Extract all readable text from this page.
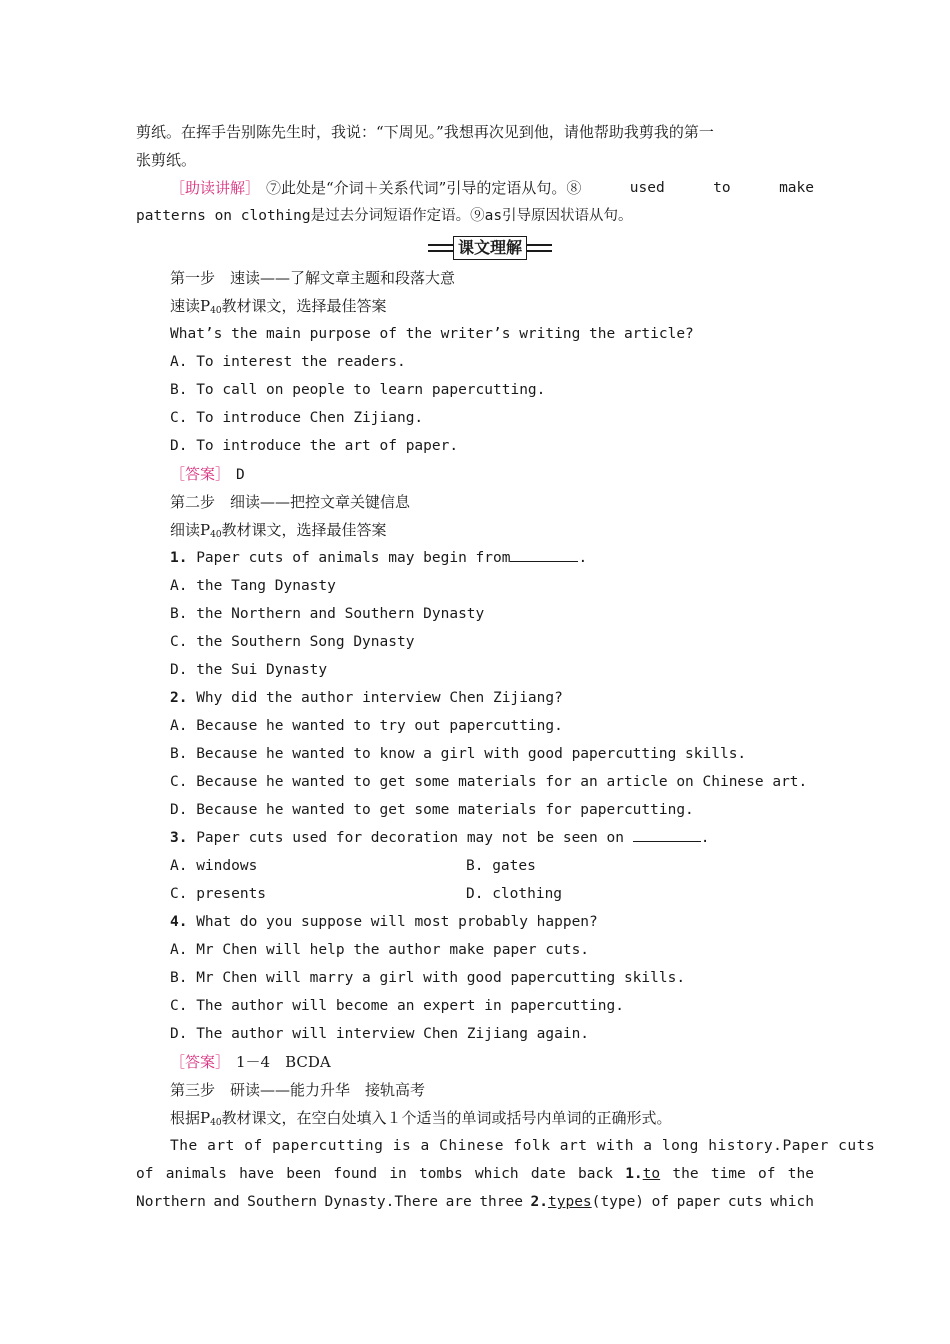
剪纸。在挥手告别陈先生时，我说：“下周见。”我想再次见到他，请他帮助我剪我的第一
张剪纸。
［助读讲解］ ⑦此处是“介词＋关系代词”引导的定语从句。⑧	used	to	make
patterns on clothing是过去分词短语作定语。⑨as引导原因状语从句。
课文理解
第一步　速读——了解文章主题和段落大意
速读$P_{40}$教材课文，选择最佳答案
What’s the main purpose of the writer’s writing the article?
A. To interest the readers.
B. To call on people to learn papercutting.
C. To introduce Chen Zijiang.
D. To introduce the art of paper.
［答案］ D
第二步　细读——把控文章关键信息
细读$P_{40}$教材课文，选择最佳答案
1. Paper cuts of animals may begin from	.
A. the Tang Dynasty
B. the Northern and Southern Dynasty
C. the Southern Song Dynasty
D. the Sui Dynasty
2. Why did the author interview Chen Zijiang?
A. Because he wanted to try out papercutting.
B. Because he wanted to know a girl with good papercutting skills.
C. Because he wanted to get some materials for an article on Chinese art.
D. Because he wanted to get some materials for papercutting.
3. Paper cuts used for decoration may not be seen on	.
A. windows	B. gates
C. presents	D. clothing
4. What do you suppose will most probably happen?
A. Mr Chen will help the author make paper cuts.
B. Mr Chen will marry a girl with good papercutting skills.
C. The author will become an expert in papercutting.
D. The author will interview Chen Zijiang again.
［答案］ 1－4　BCDA
第三步　研读——能力升华　接轨高考
根据$P_{40}$教材课文，在空白处填入１个适当的单词或括号内单词的正确形式。
The art of papercutting is a Chinese folk art with a long history.Paper cuts
of animals have been found in tombs which date back 1.to the time of the
Northern and Southern Dynasty.There are three 2.types(type) of paper cuts which
